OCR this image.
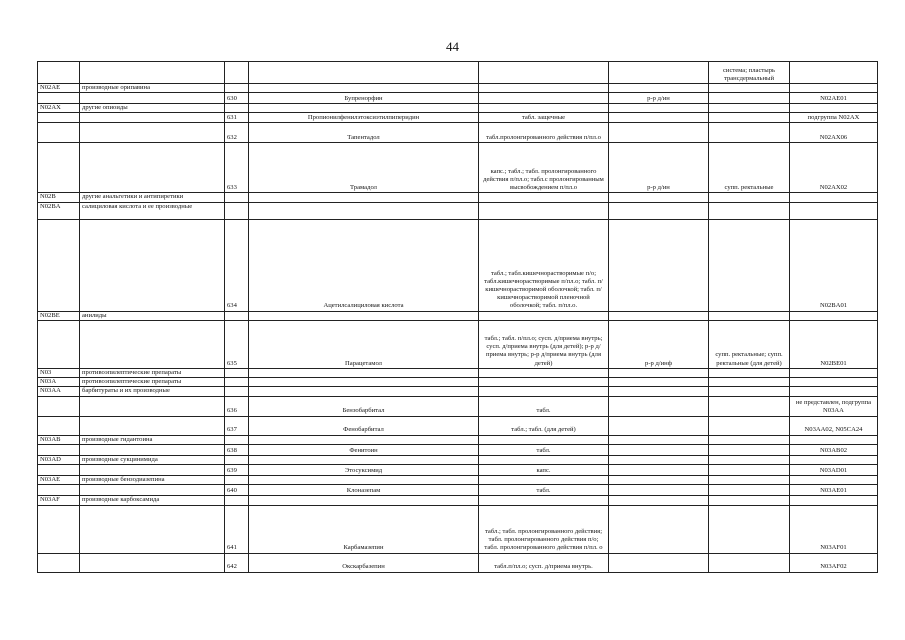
44
						система; пластырь трансдермальный	
N02AE	производные орипавина						
		630	Бупренорфин		р-р д/ин		N02AE01
N02AX	другие опиоиды						
		631	Пропионилфенилэтоксиэтилпиперидин	табл. защечные			подгруппа N02AX
		632	Тапентадол	табл.пролонгированного действия п/пл.о			N02AX06
		633	Трамадол	капс.; табл.; табл. пролонгированного действия п/пл.о; табл.с пролонгированным высвобождением п/пл.о	р-р д/ин	супп. ректальные	N02AX02
N02B	другие анальгетики и антипиретики						
N02BA	салициловая кислота и ее производные						
		634	Ацетилсалициловая кислота	табл.; табл.кишечнорастворимые п/о; табл.кишечнорастворимые п/пл.о; табл. п/кишечнорастворимой оболочкой; табл. п/кишечнорастворимой пленочной оболочкой; табл. п/пл.о.			N02BA01
N02BE	анилиды						
		635	Парацетамол	табл.; табл. п/пл.о; сусп. д/приема внутрь; сусп. д/приема внутрь (для детей); р-р д/приема внутрь; р-р д/приема внутрь (для детей)	р-р д/инф	супп. ректальные; супп. ректальные (для детей)	N02BE01
N03	противоэпилептические препараты						
N03A	противоэпилептические препараты						
N03AA	барбитураты и их производные						
		636	Бензобарбитал	табл.			не представлен, подгруппа N03AA
		637	Фенобарбитал	табл.; табл. (для детей)			N03AA02, N05CA24
N03AB	производные гидантоина						
		638	Фенитоин	табл.			N03AB02
N03AD	производные сукцинимида						
		639	Этосуксимид	капс.			N03AD01
N03AE	производные бензодиазепина						
		640	Клоназепам	табл.			N03AE01
N03AF	производные карбоксамида						
		641	Карбамазепин	табл.; табл. пролонгированного действия; табл. пролонгированного действия п/о; табл. пролонгированного действия п/пл. о			N03AF01
		642	Окскарбазепин	табл.п/пл.о; сусп. д/приема внутрь.			N03AF02
